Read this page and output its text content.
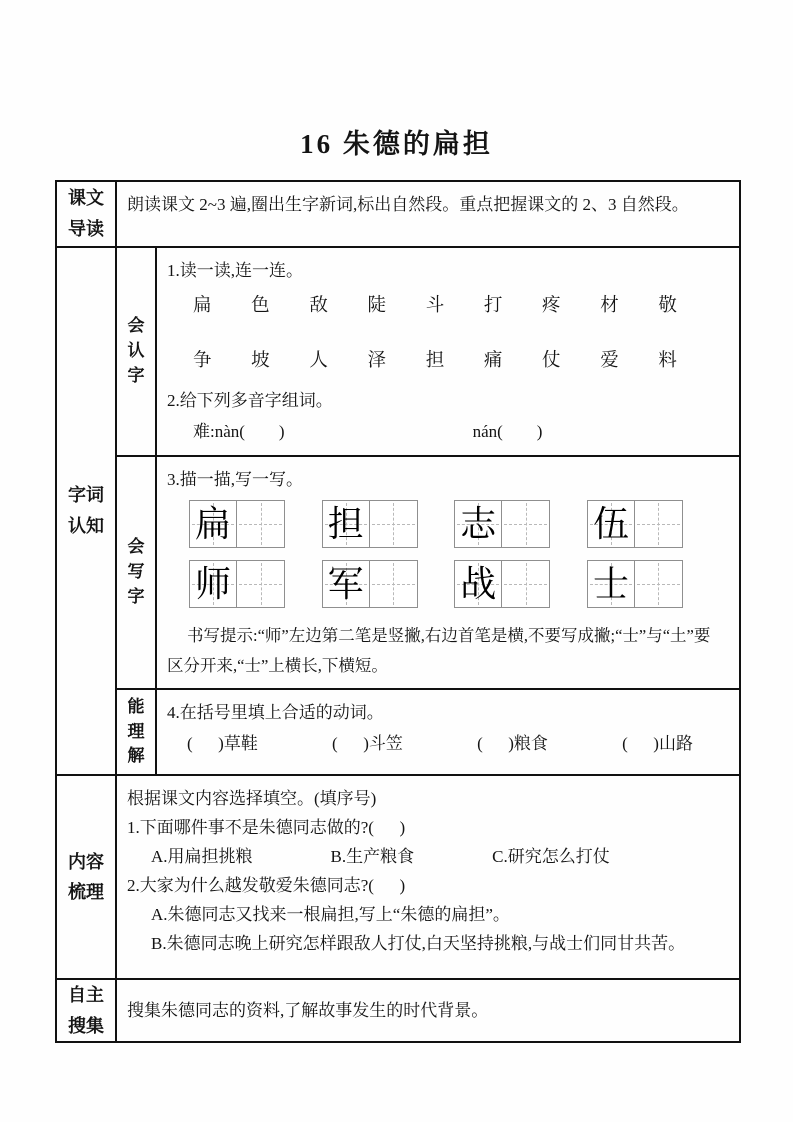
16 朱德的扁担
课文导读
朗读课文 2~3 遍,圈出生字新词,标出自然段。重点把握课文的 2、3 自然段。
字词认知
会认字
1.读一读,连一连。
扁 色 敌 陡 斗 打 疼 材 敬
争 坡 人 泽 担 痛 仗 爱 料
2.给下列多音字组词。
难:nàn(        )	nán(        )
会写字
3.描一描,写一写。
扁	担	志	伍
师	军	战	士
书写提示:“师”左边第二笔是竖撇,右边首笔是横,不要写成撇;“士”与“土”要区分开来,“士”上横长,下横短。
能理解
4.在括号里填上合适的动词。
(      )草鞋	(      )斗笠	(      )粮食	(      )山路
内容梳理
根据课文内容选择填空。(填序号)
1.下面哪件事不是朱德同志做的?(      )
A.用扁担挑粮	B.生产粮食	C.研究怎么打仗
2.大家为什么越发敬爱朱德同志?(      )
A.朱德同志又找来一根扁担,写上“朱德的扁担”。
B.朱德同志晚上研究怎样跟敌人打仗,白天坚持挑粮,与战士们同甘共苦。
自主搜集
搜集朱德同志的资料,了解故事发生的时代背景。
